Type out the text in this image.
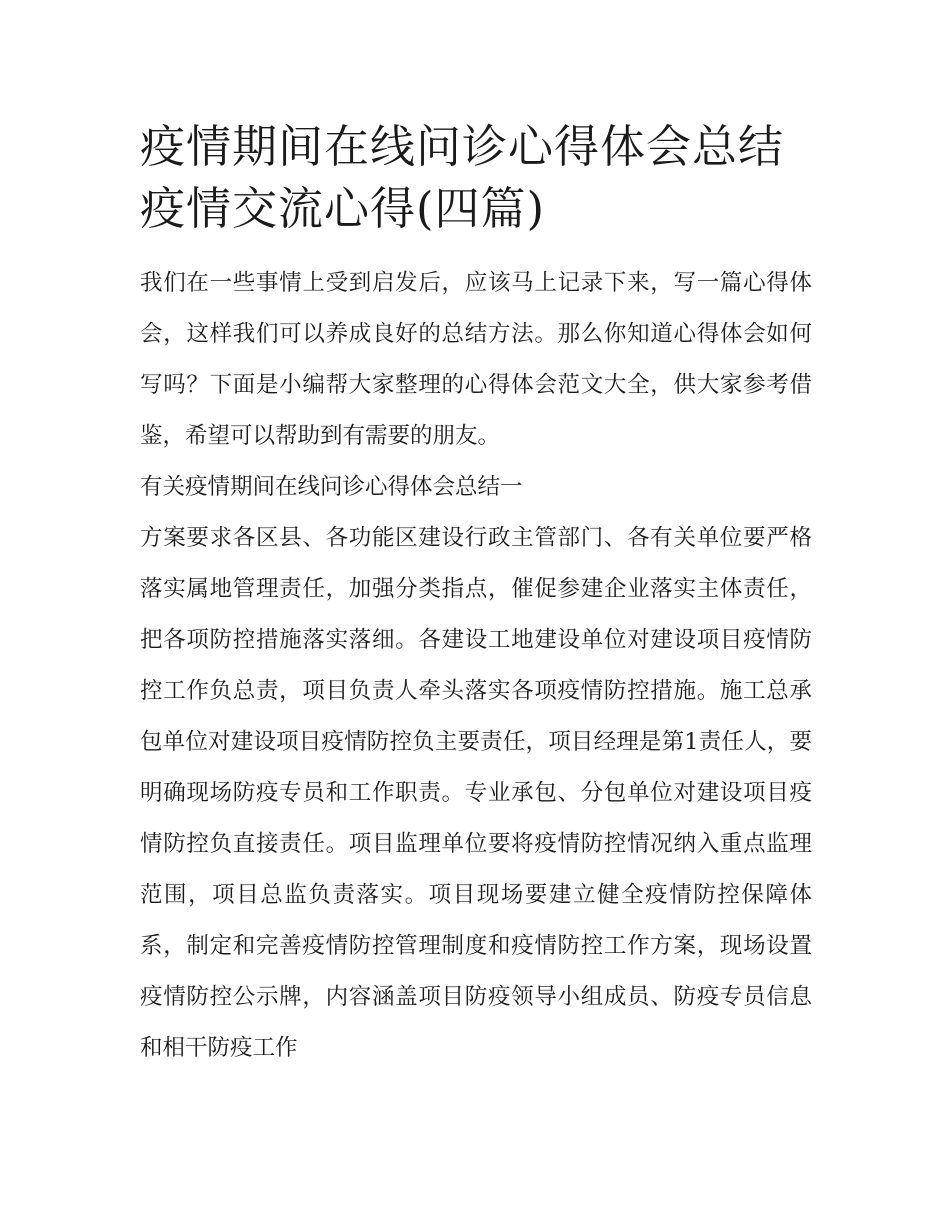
疫情期间在线问诊心得体会总结 疫情交流心得(四篇)

我们在一些事情上受到启发后，应该马上记录下来，写一篇心得体会，这样我们可以养成良好的总结方法。那么你知道心得体会如何写吗？下面是小编帮大家整理的心得体会范文大全，供大家参考借鉴，希望可以帮助到有需要的朋友。

有关疫情期间在线问诊心得体会总结一

方案要求各区县、各功能区建设行政主管部门、各有关单位要严格落实属地管理责任，加强分类指点，催促参建企业落实主体责任，把各项防控措施落实落细。各建设工地建设单位对建设项目疫情防控工作负总责，项目负责人牵头落实各项疫情防控措施。施工总承包单位对建设项目疫情防控负主要责任，项目经理是第1责任人，要明确现场防疫专员和工作职责。专业承包、分包单位对建设项目疫情防控负直接责任。项目监理单位要将疫情防控情况纳入重点监理范围，项目总监负责落实。项目现场要建立健全疫情防控保障体系，制定和完善疫情防控管理制度和疫情防控工作方案，现场设置疫情防控公示牌，内容涵盖项目防疫领导小组成员、防疫专员信息和相干防疫工作
